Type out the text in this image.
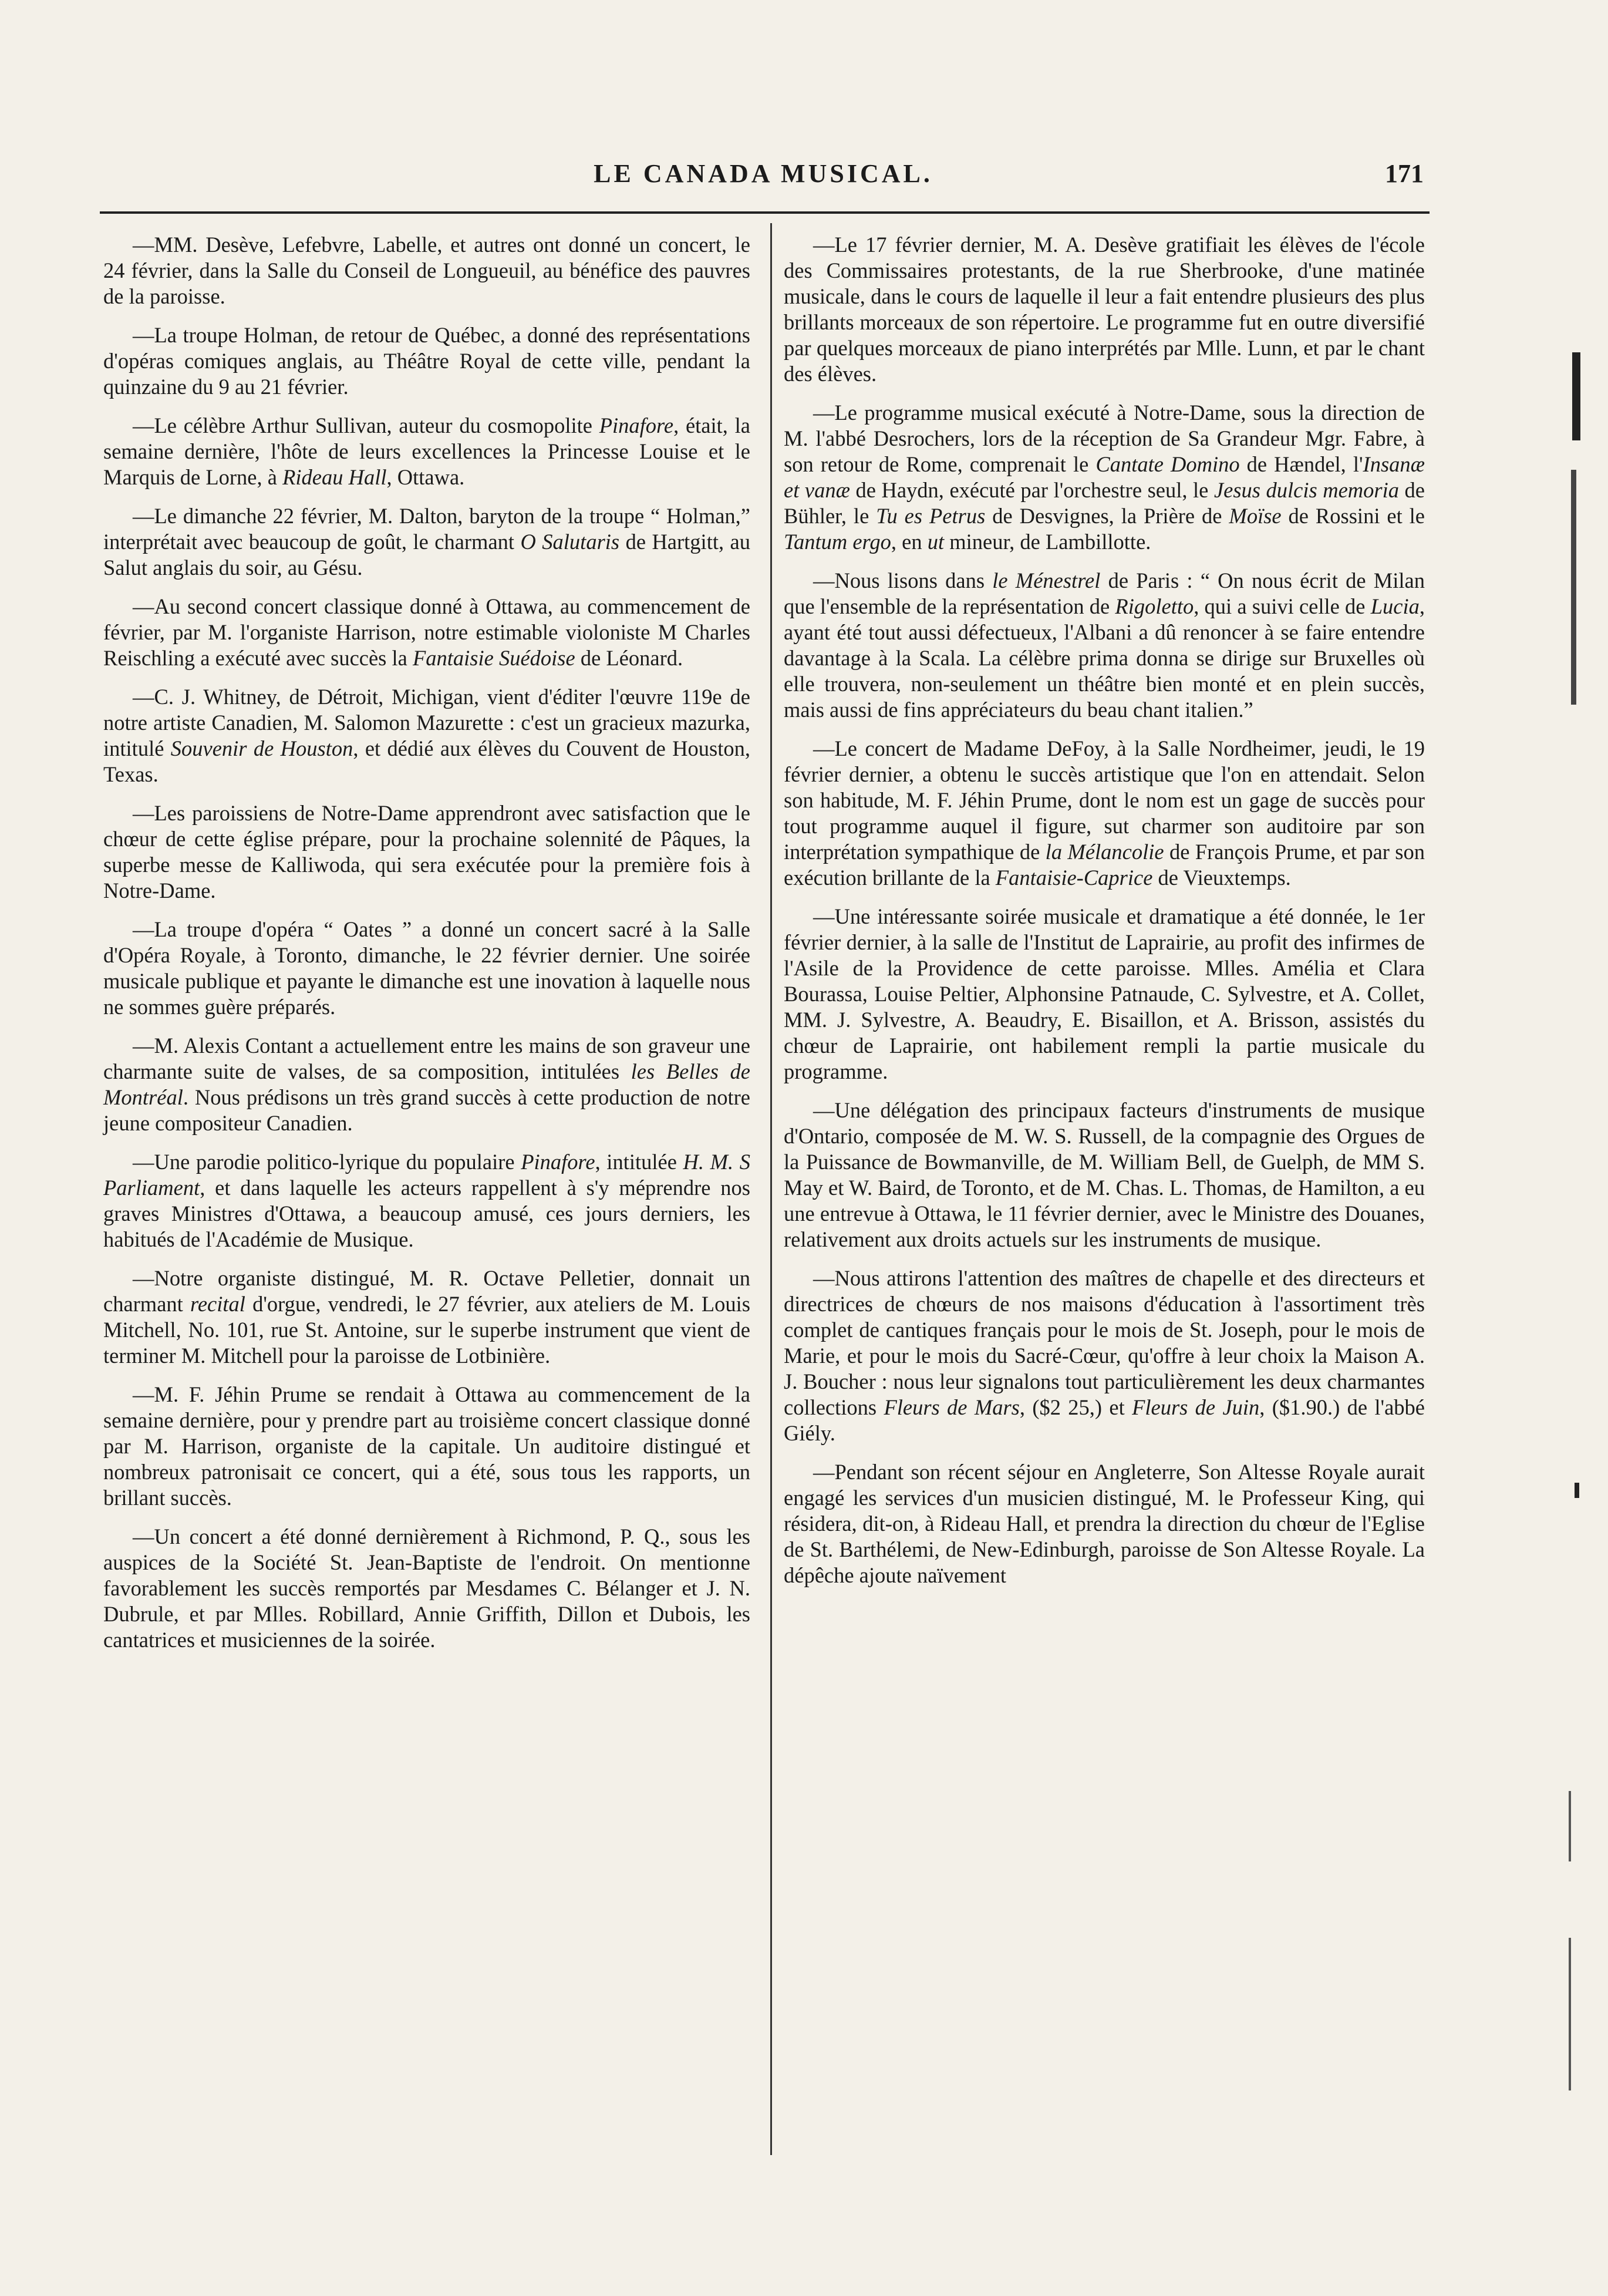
LE CANADA MUSICAL.	171

—MM. Desève, Lefebvre, Labelle, et autres ont donné un concert, le 24 février, dans la Salle du Conseil de Longueuil, au bénéfice des pauvres de la paroisse.

—La troupe Holman, de retour de Québec, a donné des représentations d'opéras comiques anglais, au Théâtre Royal de cette ville, pendant la quinzaine du 9 au 21 février.

—Le célèbre Arthur Sullivan, auteur du cosmopolite Pinafore, était, la semaine dernière, l'hôte de leurs excellences la Princesse Louise et le Marquis de Lorne, à Rideau Hall, Ottawa.

—Le dimanche 22 février, M. Dalton, baryton de la troupe “ Holman,” interprétait avec beaucoup de goût, le charmant O Salutaris de Hartgitt, au Salut anglais du soir, au Gésu.

—Au second concert classique donné à Ottawa, au commencement de février, par M. l'organiste Harrison, notre estimable violoniste M Charles Reischling a exécuté avec succès la Fantaisie Suédoise de Léonard.

—C. J. Whitney, de Détroit, Michigan, vient d'éditer l'œuvre 119e de notre artiste Canadien, M. Salomon Mazurette : c'est un gracieux mazurka, intitulé Souvenir de Houston, et dédié aux élèves du Couvent de Houston, Texas.

—Les paroissiens de Notre-Dame apprendront avec satisfaction que le chœur de cette église prépare, pour la prochaine solennité de Pâques, la superbe messe de Kalliwoda, qui sera exécutée pour la première fois à Notre-Dame.

—La troupe d'opéra “ Oates ” a donné un concert sacré à la Salle d'Opéra Royale, à Toronto, dimanche, le 22 février dernier. Une soirée musicale publique et payante le dimanche est une inovation à laquelle nous ne sommes guère préparés.

—M. Alexis Contant a actuellement entre les mains de son graveur une charmante suite de valses, de sa composition, intitulées les Belles de Montréal. Nous prédisons un très grand succès à cette production de notre jeune compositeur Canadien.

—Une parodie politico-lyrique du populaire Pinafore, intitulée H. M. S Parliament, et dans laquelle les acteurs rappellent à s'y méprendre nos graves Ministres d'Ottawa, a beaucoup amusé, ces jours derniers, les habitués de l'Académie de Musique.

—Notre organiste distingué, M. R. Octave Pelletier, donnait un charmant recital d'orgue, vendredi, le 27 février, aux ateliers de M. Louis Mitchell, No. 101, rue St. Antoine, sur le superbe instrument que vient de terminer M. Mitchell pour la paroisse de Lotbinière.

—M. F. Jéhin Prume se rendait à Ottawa au commencement de la semaine dernière, pour y prendre part au troisième concert classique donné par M. Harrison, organiste de la capitale. Un auditoire distingué et nombreux patronisait ce concert, qui a été, sous tous les rapports, un brillant succès.

—Un concert a été donné dernièrement à Richmond, P. Q., sous les auspices de la Société St. Jean-Baptiste de l'endroit. On mentionne favorablement les succès remportés par Mesdames C. Bélanger et J. N. Dubrule, et par Mlles. Robillard, Annie Griffith, Dillon et Dubois, les cantatrices et musiciennes de la soirée.

—Le 17 février dernier, M. A. Desève gratifiait les élèves de l'école des Commissaires protestants, de la rue Sherbrooke, d'une matinée musicale, dans le cours de laquelle il leur a fait entendre plusieurs des plus brillants morceaux de son répertoire. Le programme fut en outre diversifié par quelques morceaux de piano interprétés par Mlle. Lunn, et par le chant des élèves.

—Le programme musical exécuté à Notre-Dame, sous la direction de M. l'abbé Desrochers, lors de la réception de Sa Grandeur Mgr. Fabre, à son retour de Rome, comprenait le Cantate Domino de Hændel, l'Insanæ et vanæ de Haydn, exécuté par l'orchestre seul, le Jesus dulcis memoria de Bühler, le Tu es Petrus de Desvignes, la Prière de Moïse de Rossini et le Tantum ergo, en ut mineur, de Lambillotte.

—Nous lisons dans le Ménestrel de Paris : “ On nous écrit de Milan que l'ensemble de la représentation de Rigoletto, qui a suivi celle de Lucia, ayant été tout aussi défectueux, l'Albani a dû renoncer à se faire entendre davantage à la Scala. La célèbre prima donna se dirige sur Bruxelles où elle trouvera, non-seulement un théâtre bien monté et en plein succès, mais aussi de fins appréciateurs du beau chant italien.”

—Le concert de Madame DeFoy, à la Salle Nordheimer, jeudi, le 19 février dernier, a obtenu le succès artistique que l'on en attendait. Selon son habitude, M. F. Jéhin Prume, dont le nom est un gage de succès pour tout programme auquel il figure, sut charmer son auditoire par son interprétation sympathique de la Mélancolie de François Prume, et par son exécution brillante de la Fantaisie-Caprice de Vieuxtemps.

—Une intéressante soirée musicale et dramatique a été donnée, le 1er février dernier, à la salle de l'Institut de Laprairie, au profit des infirmes de l'Asile de la Providence de cette paroisse. Mlles. Amélia et Clara Bourassa, Louise Peltier, Alphonsine Patnaude, C. Sylvestre, et A. Collet, MM. J. Sylvestre, A. Beaudry, E. Bisaillon, et A. Brisson, assistés du chœur de Laprairie, ont habilement rempli la partie musicale du programme.

—Une délégation des principaux facteurs d'instruments de musique d'Ontario, composée de M. W. S. Russell, de la compagnie des Orgues de la Puissance de Bowmanville, de M. William Bell, de Guelph, de MM S. May et W. Baird, de Toronto, et de M. Chas. L. Thomas, de Hamilton, a eu une entrevue à Ottawa, le 11 février dernier, avec le Ministre des Douanes, relativement aux droits actuels sur les instruments de musique.

—Nous attirons l'attention des maîtres de chapelle et des directeurs et directrices de chœurs de nos maisons d'éducation à l'assortiment très complet de cantiques français pour le mois de St. Joseph, pour le mois de Marie, et pour le mois du Sacré-Cœur, qu'offre à leur choix la Maison A. J. Boucher : nous leur signalons tout particulièrement les deux charmantes collections Fleurs de Mars, ($2 25,) et Fleurs de Juin, ($1.90.) de l'abbé Giély.

—Pendant son récent séjour en Angleterre, Son Altesse Royale aurait engagé les services d'un musicien distingué, M. le Professeur King, qui résidera, dit-on, à Rideau Hall, et prendra la direction du chœur de l'Eglise de St. Barthélemi, de New-Edinburgh, paroisse de Son Altesse Royale. La dépêche ajoute naïvement
